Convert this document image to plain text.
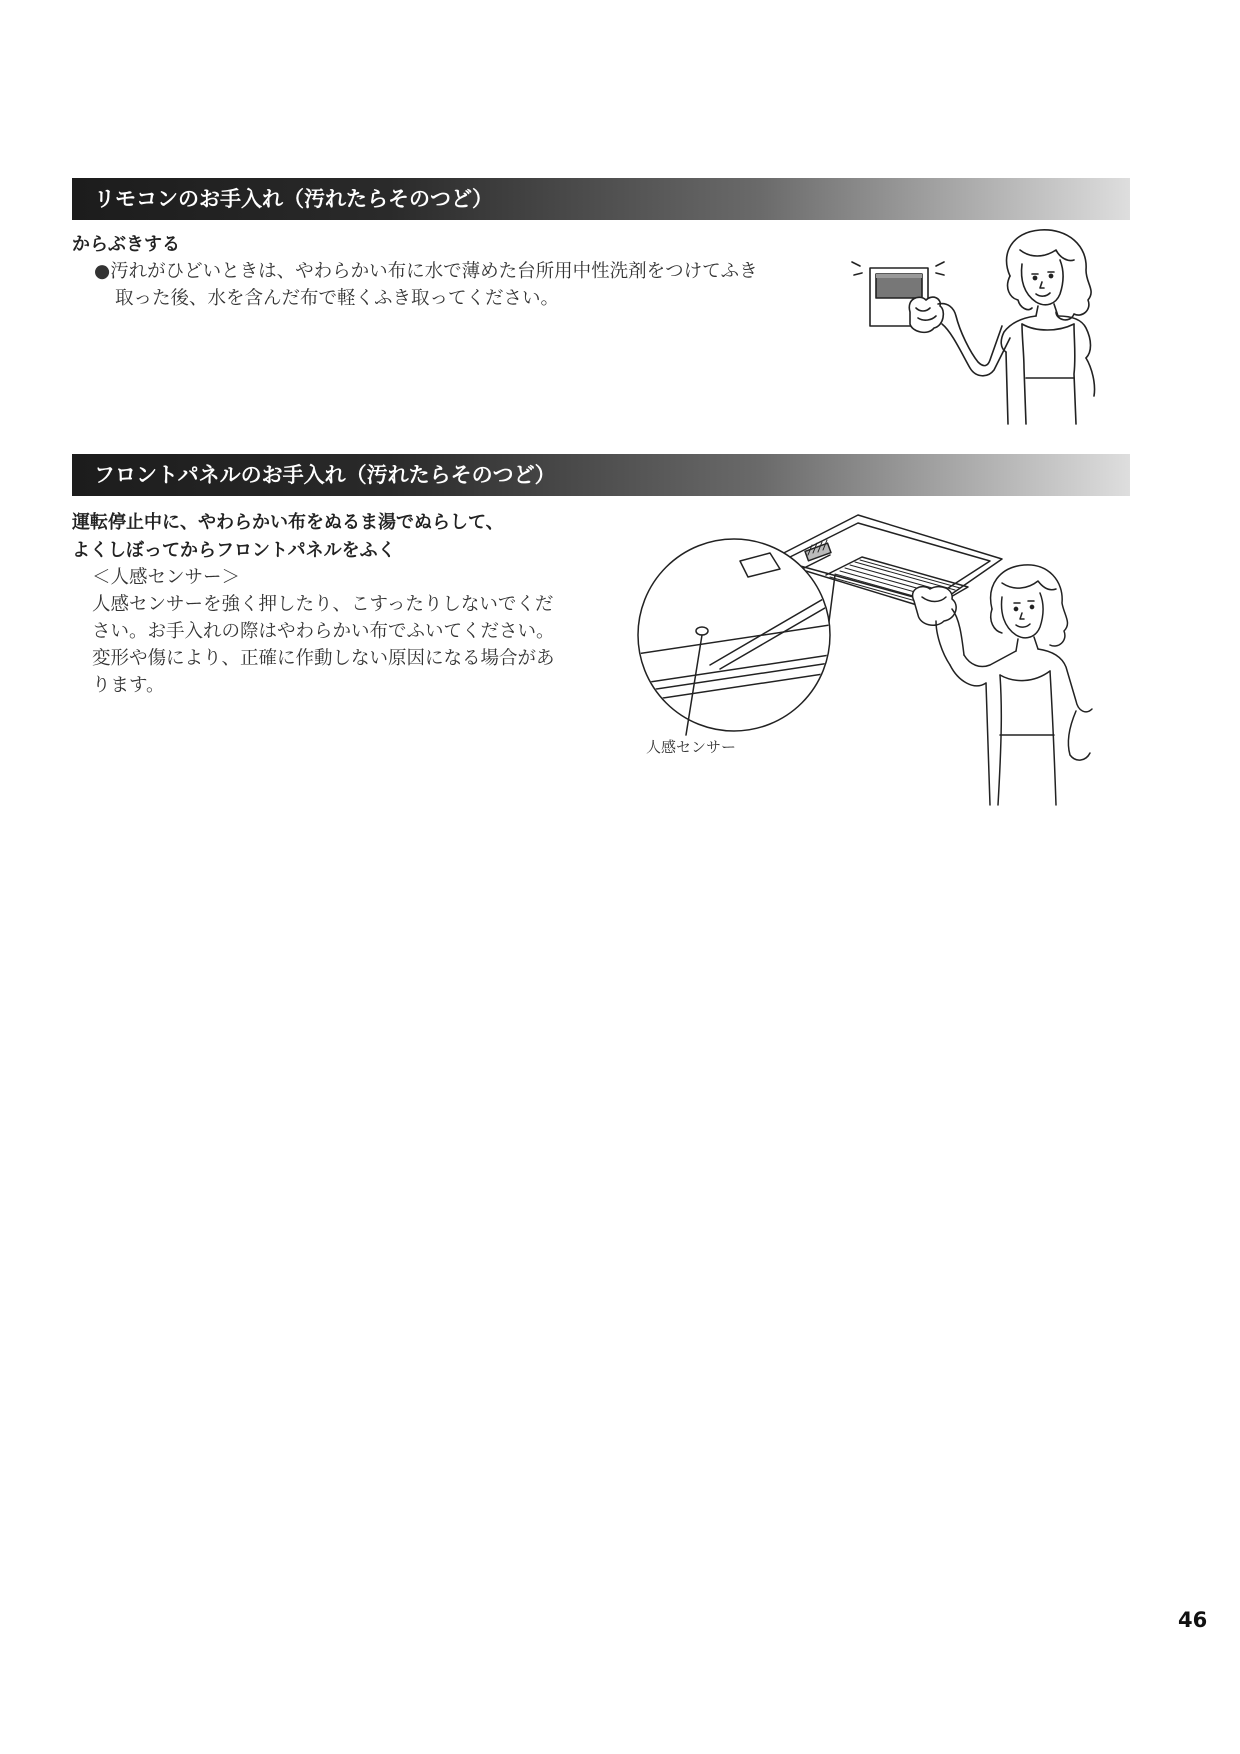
リモコンのお手入れ（汚れたらそのつど）
からぶきする
●汚れがひどいときは、やわらかい布に水で薄めた台所用中性洗剤をつけてふき
取った後、水を含んだ布で軽くふき取ってください。
フロントパネルのお手入れ（汚れたらそのつど）
運転停止中に、やわらかい布をぬるま湯でぬらして、
よくしぼってからフロントパネルをふく
＜人感センサー＞
人感センサーを強く押したり、こすったりしないでくだ
さい。お手入れの際はやわらかい布でふいてください。
変形や傷により、正確に作動しない原因になる場合があ
ります。
人感センサー
46
